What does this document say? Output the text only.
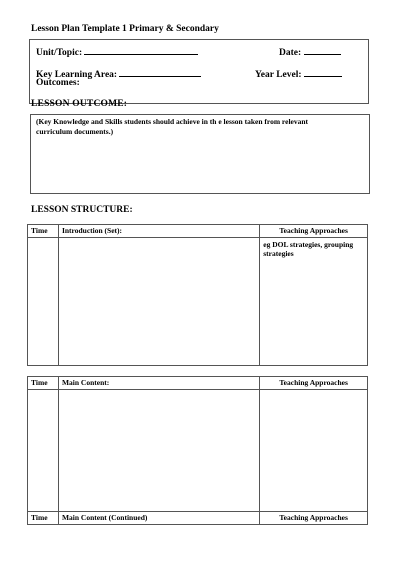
Lesson Plan Template 1 Primary & Secondary
Unit/Topic:	Date:
Key Learning Area:	Year Level:
Outcomes:
LESSON OUTCOME:
(Key Knowledge and Skills students should achieve in th e lesson taken from relevant curriculum documents.)
LESSON STRUCTURE:
Time	Introduction (Set):	Teaching Approaches
		eg DOL strategies, grouping strategies
Time	Main Content:	Teaching Approaches

Time	Main Content (Continued)	Teaching Approaches
